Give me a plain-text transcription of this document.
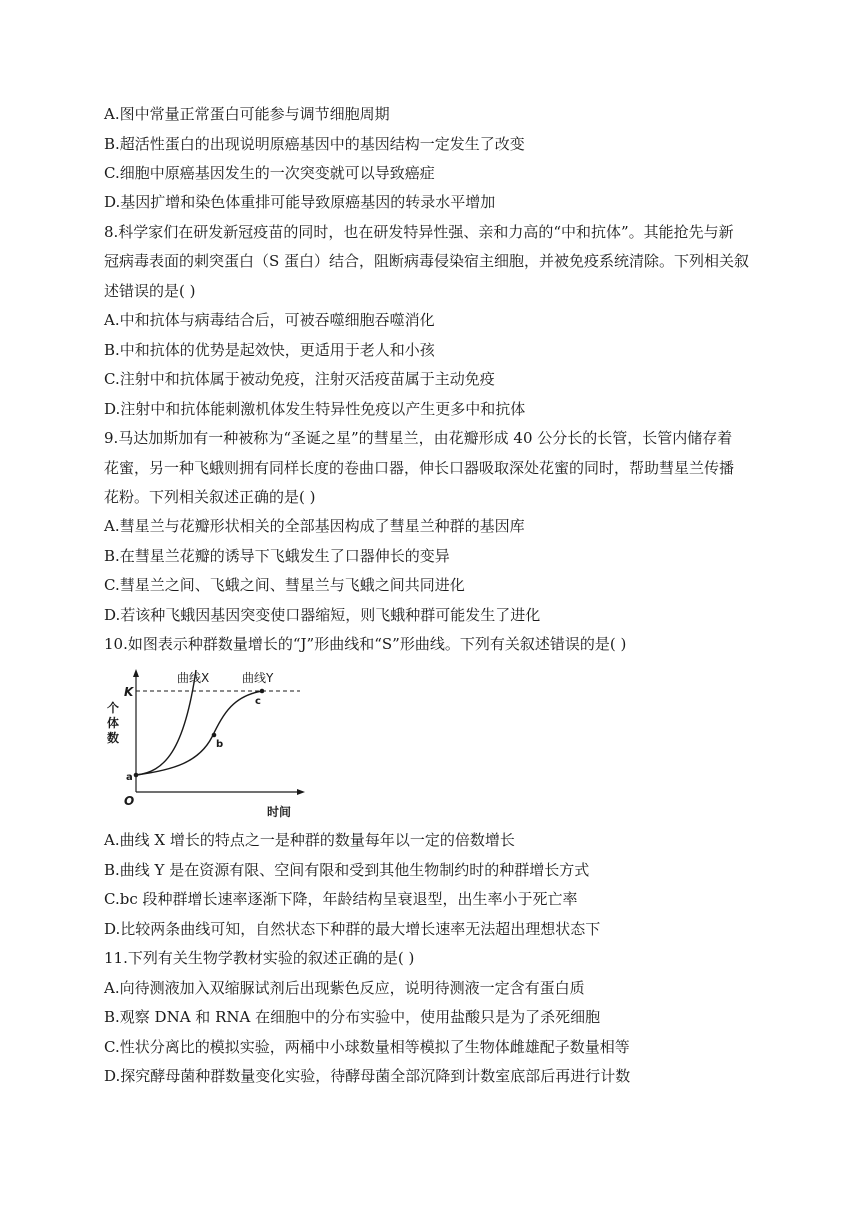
A.图中常量正常蛋白可能参与调节细胞周期
B.超活性蛋白的出现说明原癌基因中的基因结构一定发生了改变
C.细胞中原癌基因发生的一次突变就可以导致癌症
D.基因扩增和染色体重排可能导致原癌基因的转录水平增加
8.科学家们在研发新冠疫苗的同时，也在研发特异性强、亲和力高的“中和抗体”。其能抢先与新
冠病毒表面的刺突蛋白（S 蛋白）结合，阻断病毒侵染宿主细胞，并被免疫系统清除。下列相关叙
述错误的是( )
A.中和抗体与病毒结合后，可被吞噬细胞吞噬消化
B.中和抗体的优势是起效快，更适用于老人和小孩
C.注射中和抗体属于被动免疫，注射灭活疫苗属于主动免疫
D.注射中和抗体能刺激机体发生特异性免疫以产生更多中和抗体
9.马达加斯加有一种被称为“圣诞之星”的彗星兰，由花瓣形成 40 公分长的长管，长管内储存着
花蜜，另一种飞蛾则拥有同样长度的卷曲口器，伸长口器吸取深处花蜜的同时，帮助彗星兰传播
花粉。下列相关叙述正确的是( )
A.彗星兰与花瓣形状相关的全部基因构成了彗星兰种群的基因库
B.在彗星兰花瓣的诱导下飞蛾发生了口器伸长的变异
C.彗星兰之间、飞蛾之间、彗星兰与飞蛾之间共同进化
D.若该种飞蛾因基因突变使口器缩短，则飞蛾种群可能发生了进化
10.如图表示种群数量增长的“J”形曲线和“S”形曲线。下列有关叙述错误的是( )
曲线X	曲线Y
K
个
体
数
a
b
c
O
时间
A.曲线 X 增长的特点之一是种群的数量每年以一定的倍数增长
B.曲线 Y 是在资源有限、空间有限和受到其他生物制约时的种群增长方式
C.bc 段种群增长速率逐渐下降，年龄结构呈衰退型，出生率小于死亡率
D.比较两条曲线可知，自然状态下种群的最大增长速率无法超出理想状态下
11.下列有关生物学教材实验的叙述正确的是( )
A.向待测液加入双缩脲试剂后出现紫色反应，说明待测液一定含有蛋白质
B.观察 DNA 和 RNA 在细胞中的分布实验中，使用盐酸只是为了杀死细胞
C.性状分离比的模拟实验，两桶中小球数量相等模拟了生物体雌雄配子数量相等
D.探究酵母菌种群数量变化实验，待酵母菌全部沉降到计数室底部后再进行计数
